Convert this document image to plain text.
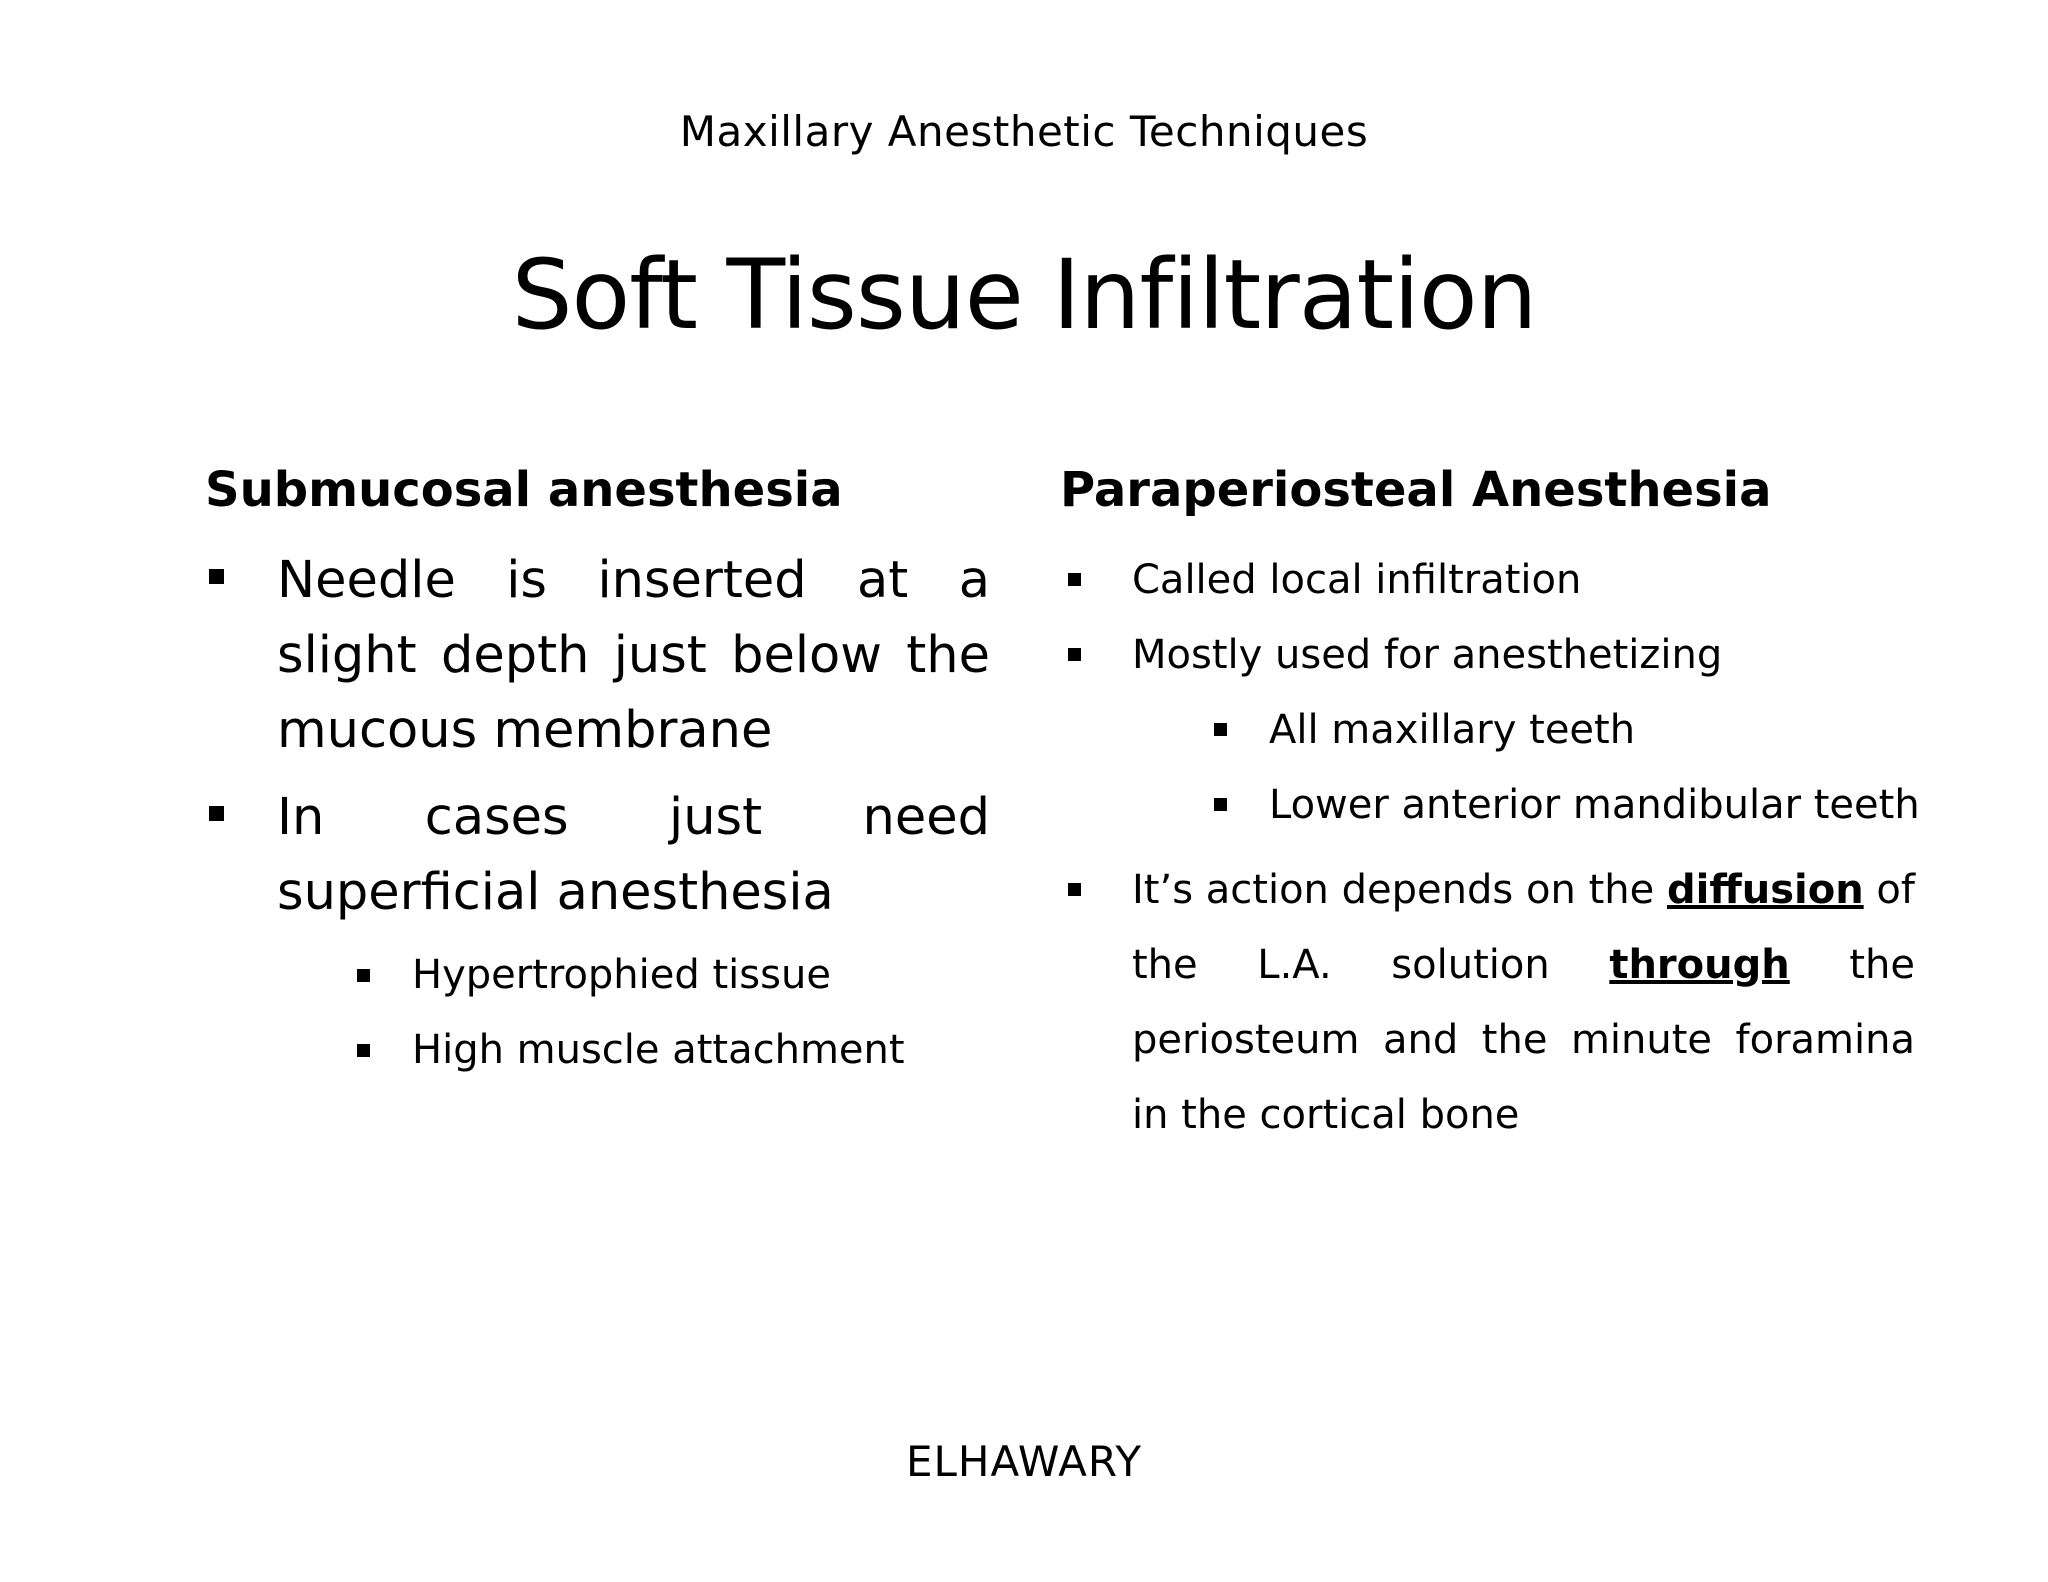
Maxillary Anesthetic Techniques
Soft Tissue Infiltration
Submucosal anesthesia
Needle is inserted at a slight depth just below the mucous membrane
In cases just need superficial anesthesia
Hypertrophied tissue
High muscle attachment
Paraperiosteal Anesthesia
Called local infiltration
Mostly used for anesthetizing
All maxillary teeth
Lower anterior mandibular teeth
It’s action depends on the diffusion of the L.A. solution through the periosteum and the minute foramina in the cortical bone
ELHAWARY
